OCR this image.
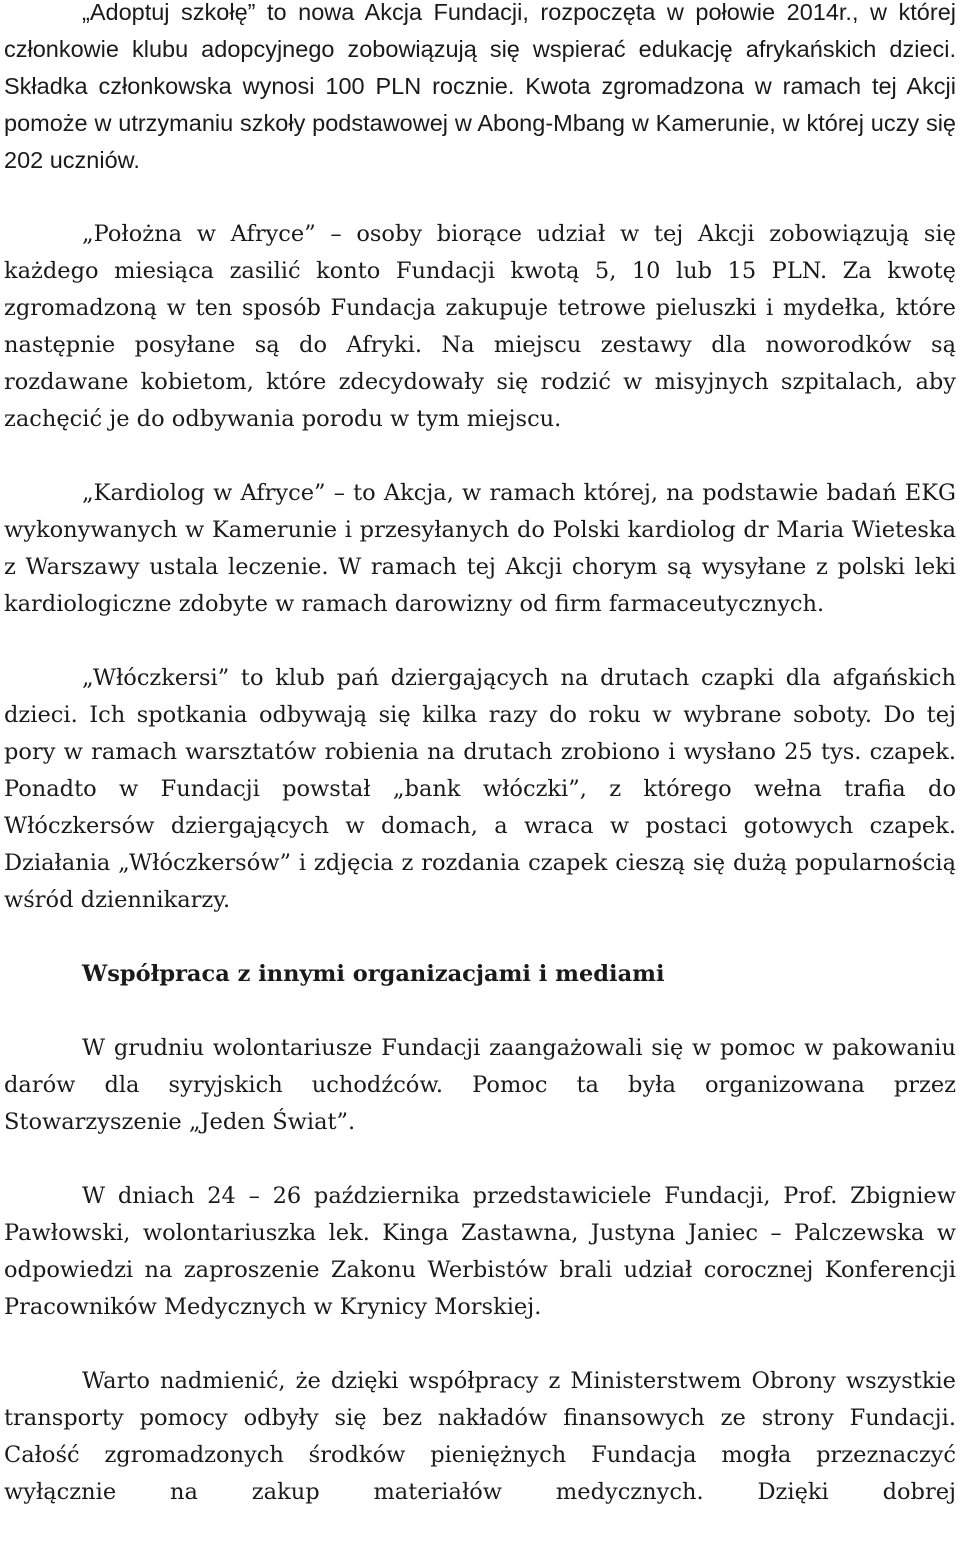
„Adoptuj szkołę” to nowa Akcja Fundacji, rozpoczęta w połowie 2014r., w której członkowie klubu adopcyjnego zobowiązują się wspierać edukację afrykańskich dzieci. Składka członkowska wynosi 100 PLN rocznie. Kwota zgromadzona w ramach tej Akcji pomoże w utrzymaniu szkoły podstawowej w Abong-Mbang w Kamerunie, w której uczy się 202 uczniów.

„Położna w Afryce” – osoby biorące udział w tej Akcji zobowiązują się każdego miesiąca zasilić konto Fundacji kwotą 5, 10 lub 15 PLN. Za kwotę zgromadzoną w ten sposób Fundacja zakupuje tetrowe pieluszki i mydełka, które następnie posyłane są do Afryki. Na miejscu zestawy dla noworodków są rozdawane kobietom, które zdecydowały się rodzić w misyjnych szpitalach, aby zachęcić je do odbywania porodu w tym miejscu.

„Kardiolog w Afryce” – to Akcja, w ramach której, na podstawie badań EKG wykonywanych w Kamerunie i przesyłanych do Polski kardiolog dr Maria Wieteska z Warszawy ustala leczenie. W ramach tej Akcji chorym są wysyłane z polski leki kardiologiczne zdobyte w ramach darowizny od firm farmaceutycznych.

„Włóczkersi” to klub pań dziergających na drutach czapki dla afgańskich dzieci. Ich spotkania odbywają się kilka razy do roku w wybrane soboty. Do tej pory w ramach warsztatów robienia na drutach zrobiono i wysłano 25 tys. czapek. Ponadto w Fundacji powstał „bank włóczki”, z którego wełna trafia do Włóczkersów dziergających w domach, a wraca w postaci gotowych czapek. Działania „Włóczkersów” i zdjęcia z rozdania czapek cieszą się dużą popularnością wśród dziennikarzy.

Współpraca z innymi organizacjami i mediami

W grudniu wolontariusze Fundacji zaangażowali się w pomoc w pakowaniu darów dla syryjskich uchodźców. Pomoc ta była organizowana przez Stowarzyszenie „Jeden Świat”.

W dniach 24 – 26 października przedstawiciele Fundacji, Prof. Zbigniew Pawłowski, wolontariuszka lek. Kinga Zastawna, Justyna Janiec – Palczewska w odpowiedzi na zaproszenie Zakonu Werbistów brali udział corocznej Konferencji Pracowników Medycznych w Krynicy Morskiej.

Warto nadmienić, że dzięki współpracy z Ministerstwem Obrony wszystkie transporty pomocy odbyły się bez nakładów finansowych ze strony Fundacji. Całość zgromadzonych środków pieniężnych Fundacja mogła przeznaczyć wyłącznie na zakup materiałów medycznych. Dzięki dobrej
